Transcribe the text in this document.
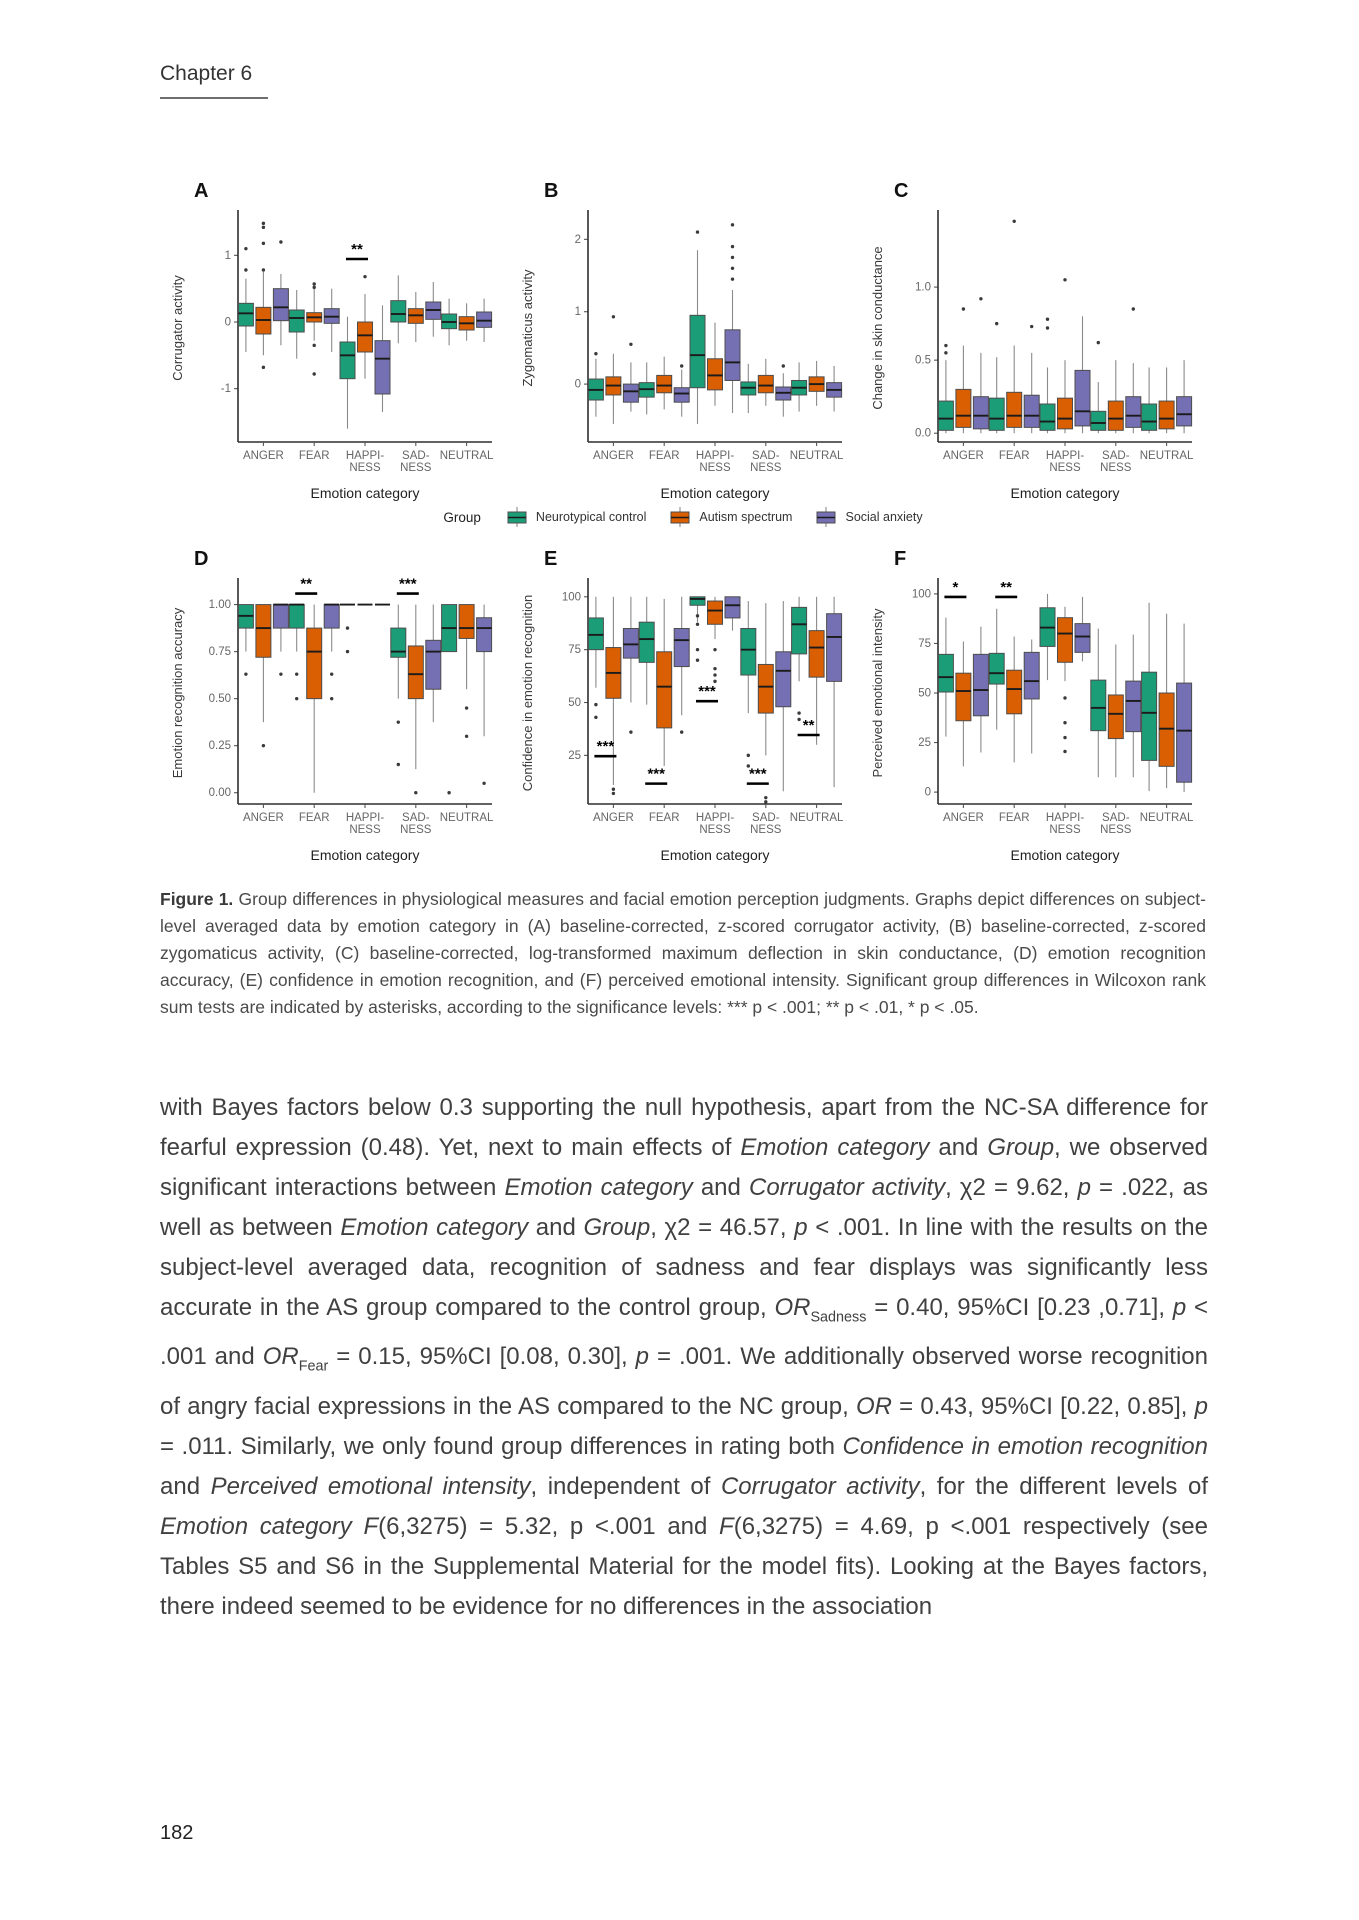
Chapter 6
A
Corrugator activity
-1
0
1
ANGER FEAR HAPPI-
NESS
SAD-
NESS
NEUTRAL
**
Emotion category
B
Zygomaticus activity	0
1
2
ANGER FEAR HAPPI-
NESS
SAD-
NESS
NEUTRAL
Emotion category
C
Change in skin conductance
0.0
0.5
1.0
ANGER FEAR HAPPI-
NESS
SAD-
NESS
NEUTRAL
Emotion category
Group	Neurotypical control	Autism spectrum	Social anxiety
D
Emotion recognition accuracy
0.00
0.25
0.50
0.75
1.00
ANGER FEAR HAPPI-
NESS
SAD-
NESS
NEUTRAL
**	***
Emotion category
E
Confidence in emotion recognition	25
50
75
100
ANGER FEAR HAPPI-
NESS
SAD-
NESS
NEUTRAL
***
***
***
***
**
Emotion category
F
Perceived emotional intensity
0
25
50
75
100
ANGER FEAR HAPPI-
NESS
SAD-
NESS
NEUTRAL
*	**
Emotion category

Figure 1. Group differences in physiological measures and facial emotion perception judgments. Graphs depict differences on subject-level averaged data by emotion category in (A) baseline-corrected, z-scored corrugator activity, (B) baseline-corrected, z-scored zygomaticus activity, (C) baseline-corrected, log-transformed maximum deflection in skin conductance, (D) emotion recognition accuracy, (E) confidence in emotion recognition, and (F) perceived emotional intensity. Significant group differences in Wilcoxon rank sum tests are indicated by asterisks, according to the significance levels: *** p < .001; ** p < .01, * p < .05.

with Bayes factors below 0.3 supporting the null hypothesis, apart from the NC-SA difference for fearful expression (0.48). Yet, next to main effects of Emotion category and Group, we observed significant interactions between Emotion category and Corrugator activity, χ2 = 9.62, p = .022, as well as between Emotion category and Group, χ2 = 46.57, p < .001. In line with the results on the subject-level averaged data, recognition of sadness and fear displays was significantly less accurate in the AS group compared to the control group, $OR_{Sadness} = 0.40$, 95%CI [0.23 ,0.71], p < .001 and $OR_{Fear} = 0.15$, 95%CI [0.08, 0.30], p = .001. We additionally observed worse recognition of angry facial expressions in the AS compared to the NC group, OR = 0.43, 95%CI [0.22, 0.85], p = .011. Similarly, we only found group differences in rating both Confidence in emotion recognition and Perceived emotional intensity, independent of Corrugator activity, for the different levels of Emotion category F(6,3275) = 5.32, p <.001 and F(6,3275) = 4.69, p <.001 respectively (see Tables S5 and S6 in the Supplemental Material for the model fits). Looking at the Bayes factors, there indeed seemed to be evidence for no differences in the association

182
